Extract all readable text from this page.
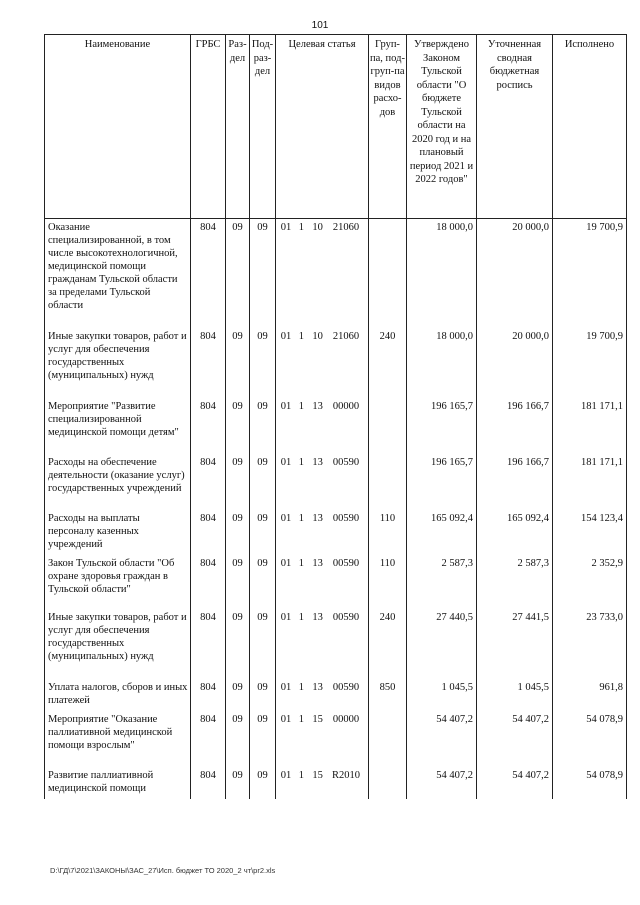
101
Наименование	ГРБС	Раз-дел	Под-раз-дел	Целевая статья	Груп-па, под-груп-па видов расхо-дов	Утверждено Законом Тульской области "О бюджете Тульской области на 2020 год и на плановый период 2021 и 2022 годов"	Уточненная сводная бюджетная роспись	Исполнено
Оказание специализированной, в том числе высокотехнологичной, медицинской помощи гражданам Тульской области за пределами Тульской области	804	09	09	01 1 10 21060		18 000,0	20 000,0	19 700,9
Иные закупки товаров, работ и услуг для обеспечения государственных (муниципальных) нужд	804	09	09	01 1 10 21060	240	18 000,0	20 000,0	19 700,9
Мероприятие "Развитие специализированной медицинской помощи детям"	804	09	09	01 1 13 00000		196 165,7	196 166,7	181 171,1
Расходы на обеспечение деятельности (оказание услуг) государственных учреждений	804	09	09	01 1 13 00590		196 165,7	196 166,7	181 171,1
Расходы на выплаты персоналу казенных учреждений	804	09	09	01 1 13 00590	110	165 092,4	165 092,4	154 123,4
Закон Тульской области "Об охране здоровья граждан в Тульской области"	804	09	09	01 1 13 00590	110	2 587,3	2 587,3	2 352,9
Иные закупки товаров, работ и услуг для обеспечения государственных (муниципальных) нужд	804	09	09	01 1 13 00590	240	27 440,5	27 441,5	23 733,0
Уплата налогов, сборов и иных платежей	804	09	09	01 1 13 00590	850	1 045,5	1 045,5	961,8
Мероприятие "Оказание паллиативной медицинской помощи взрослым"	804	09	09	01 1 15 00000		54 407,2	54 407,2	54 078,9
Развитие паллиативной медицинской помощи	804	09	09	01 1 15 R2010		54 407,2	54 407,2	54 078,9
D:\ГД\7\2021\ЗАКОНЫ\ЗАС_27\Исп. бюджет ТО 2020_2 чт\pr2.xls
